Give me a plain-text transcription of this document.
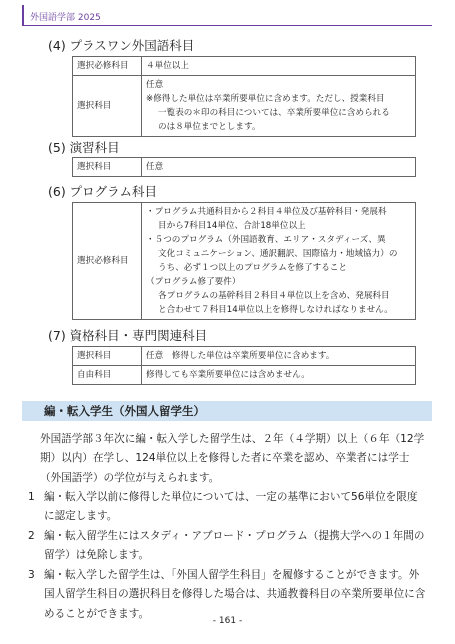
外国語学部 2025
(4) プラスワン外国語科目
選択必修科目	４単位以上
選択科目	任意
※修得した単位は卒業所要単位に含めます。ただし、授業科目
一覧表の＊印の科目については、卒業所要単位に含められる
のは８単位までとします。
(5) 演習科目
選択科目	任意
(6) プログラム科目
選択必修科目	
・プログラム共通科目から２科目４単位及び基幹科目・発展科
目から7科目14単位、合計18単位以上
・５つのプログラム（外国語教育、エリア・スタディーズ、異
文化コミュニケーション、通訳翻訳、国際協力・地域協力）の
うち、必ず１つ以上のプログラムを修了すること
（プログラム修了要件）
各プログラムの基幹科目２科目４単位以上を含め、発展科目
と合わせて７科目14単位以上を修得しなければなりません。
(7) 資格科目・専門関連科目
選択科目	任意　修得した単位は卒業所要単位に含めます。
自由科目	修得しても卒業所要単位には含めません。
編・転入学生（外国人留学生）
外国語学部３年次に編・転入学した留学生は、２年（４学期）以上（６年（12学期）以内）在学し、124単位以上を修得した者に卒業を認め、卒業者には学士（外国語学）の学位が与えられます。
1 編・転入学以前に修得した単位については、一定の基準において56単位を限度に認定します。
2 編・転入留学生にはスタディ・アブロード・プログラム（提携大学への１年間の留学）は免除します。
3 編・転入学した留学生は、「外国人留学生科目」を履修することができます。外国人留学生科目の選択科目を修得した場合は、共通教養科目の卒業所要単位に含めることができます。
- 161 -
